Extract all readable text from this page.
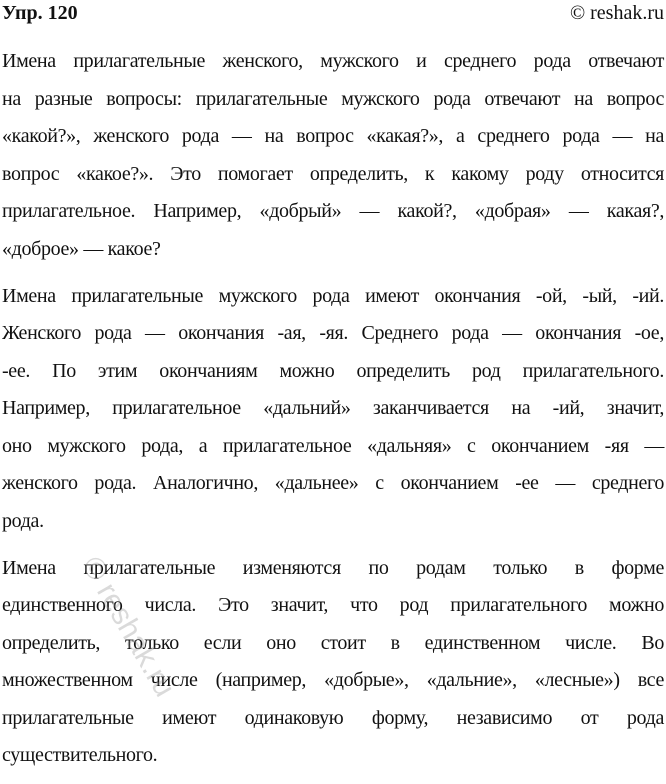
Упр. 120	© reshak.ru
Имена прилагательные женского, мужского и среднего рода отвечают
на разные вопросы: прилагательные мужского рода отвечают на вопрос
«какой?», женского рода — на вопрос «какая?», а среднего рода — на
вопрос «какое?». Это помогает определить, к какому роду относится
прилагательное. Например, «добрый» — какой?, «добрая» — какая?,
«доброе» — какое?
Имена прилагательные мужского рода имеют окончания -ой, -ый, -ий.
Женского рода — окончания -ая, -яя. Среднего рода — окончания -ое,
-ее. По этим окончаниям можно определить род прилагательного.
Например, прилагательное «дальний» заканчивается на -ий, значит,
оно мужского рода, а прилагательное «дальняя» с окончанием -яя —
женского рода. Аналогично, «дальнее» с окончанием -ее — среднего
рода.
Имена прилагательные изменяются по родам только в форме
единственного числа. Это значит, что род прилагательного можно
определить, только если оно стоит в единственном числе. Во
множественном числе (например, «добрые», «дальние», «лесные») все
прилагательные имеют одинаковую форму, независимо от рода
существительного.
© reshak.ru
